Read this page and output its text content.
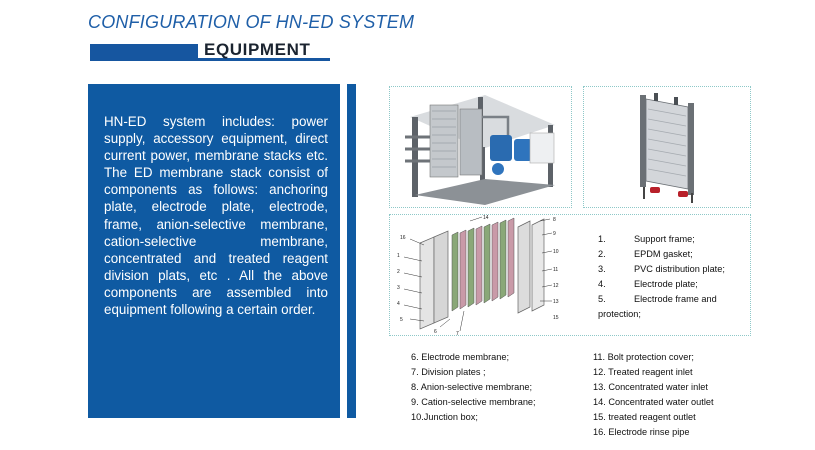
CONFIGURATION OF HN-ED SYSTEM
EQUIPMENT

HN-ED system includes: power supply, accessory equipment, direct current power, membrane stacks etc. The ED membrane stack consist of components as follows: anchoring plate, electrode plate, electrode, frame, anion-selective membrane, cation-selective membrane, concentrated and treated reagent division plats, etc . All the above components are assembled into equipment following a certain order.

16
1
2
3
4
5
6	7
8
9
10
11
12
13
14
15
1.	Support frame;
2.	EPDM gasket;
3.	PVC distribution plate;
4.	Electrode plate;
5.	Electrode frame and
protection;
6. Electrode membrane;
7. Division plates ;
8. Anion-selective membrane;
9. Cation-selective membrane;
10.Junction box;
11. Bolt protection cover;
12. Treated reagent inlet
13. Concentrated water inlet
14. Concentrated water outlet
15. treated reagent outlet
16. Electrode rinse pipe
